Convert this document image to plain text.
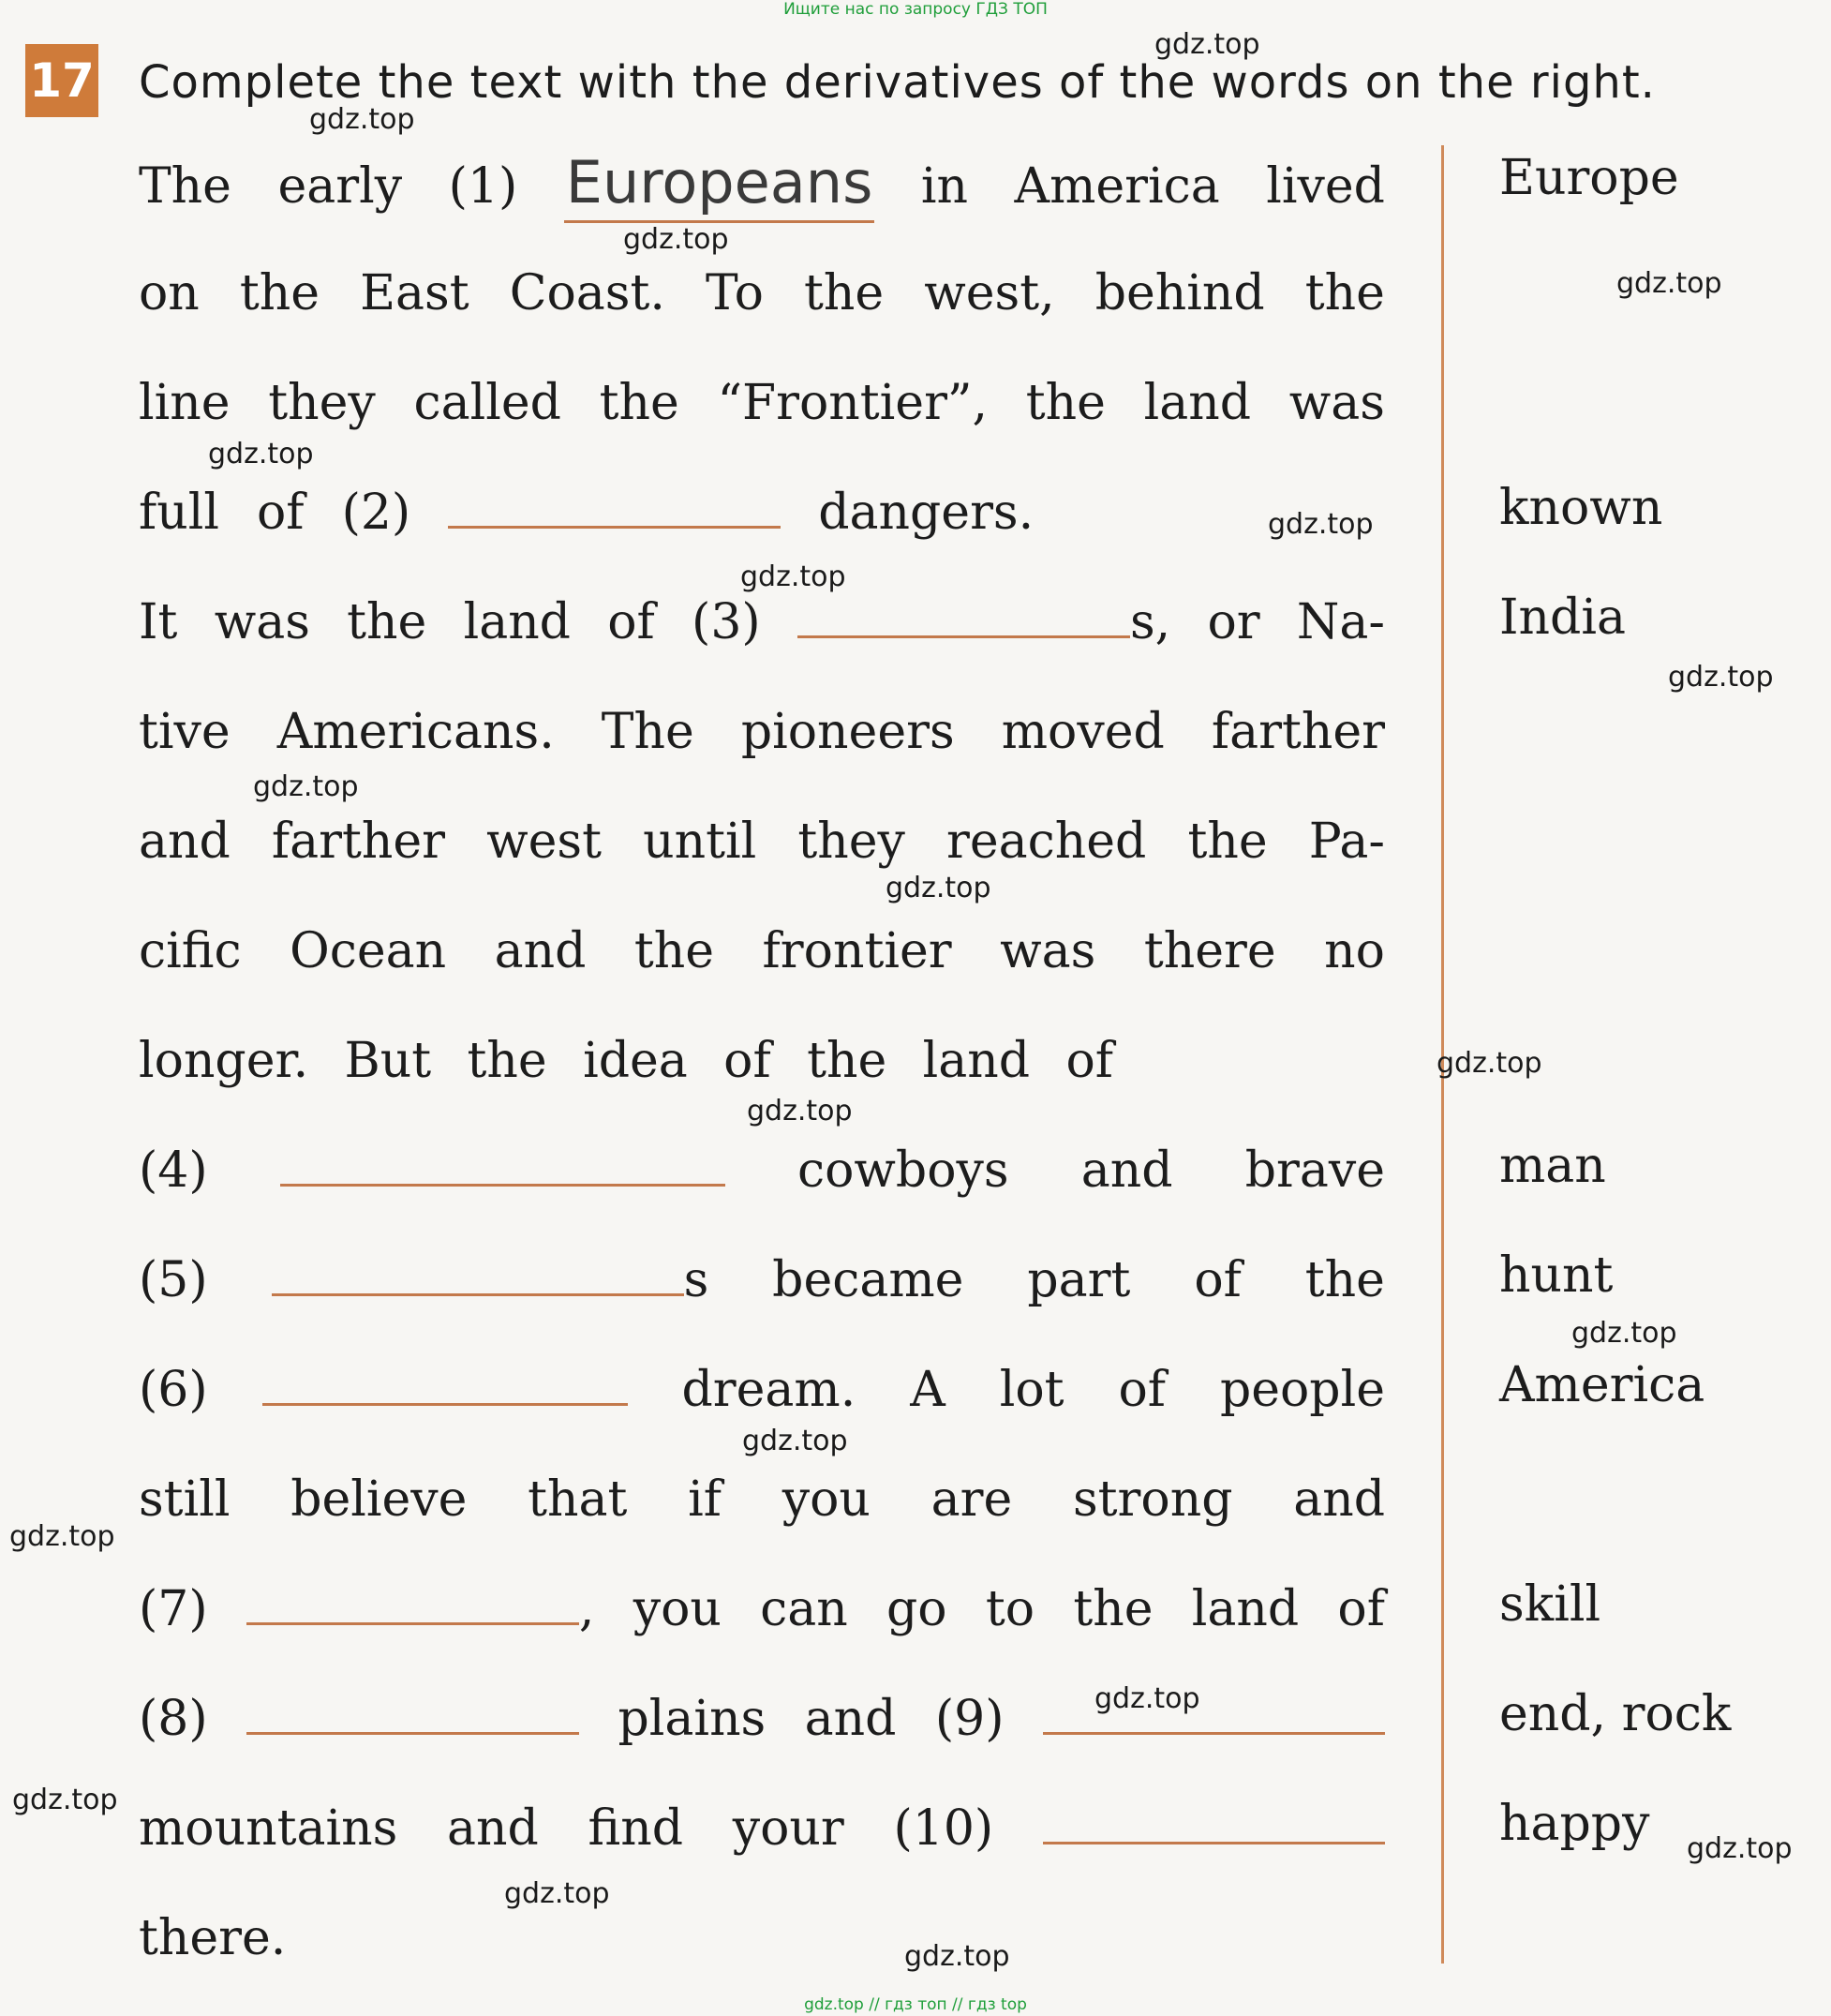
Ищите нас по запросу ГДЗ ТОП
17 Complete the text with the derivatives of the words on the right.
The early (1) Europeans in America lived
on the East Coast. To the west, behind the
line they called the “Frontier”, the land was
full of (2)	dangers.
It was the land of (3)	s, or Na-
tive Americans. The pioneers moved farther
and farther west until they reached the Pa-
cific Ocean and the frontier was there no
longer. But the idea of the land of
(4)	cowboys and brave
(5)	s became part of the
(6)	dream. A lot of people
still believe that if you are strong and
(7)	, you can go to the land of
(8)	plains and (9)
mountains and find your (10)
there.
Europe
known
India
man
hunt
America
skill
end, rock
happy
gdz.top
gdz.top
gdz.top
gdz.top
gdz.top
gdz.top
gdz.top
gdz.top
gdz.top
gdz.top
gdz.top
gdz.top
gdz.top
gdz.top
gdz.top
gdz.top
gdz.top
gdz.top
gdz.top
gdz.top
gdz.top // гдз топ // гдз top
